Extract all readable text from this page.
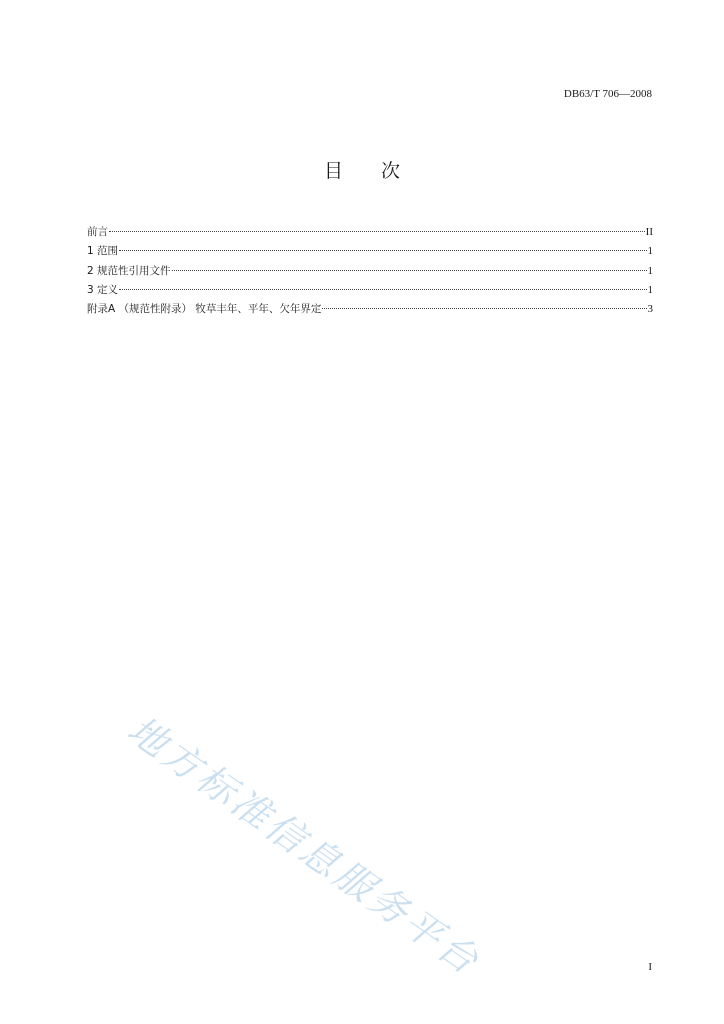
DB63/T 706—2008
目次
前言	II
1 范围	1
2 规范性引用文件	1
3 定义	1
附录A （规范性附录） 牧草丰年、平年、欠年界定	3
地方标准信息服务平台	I
